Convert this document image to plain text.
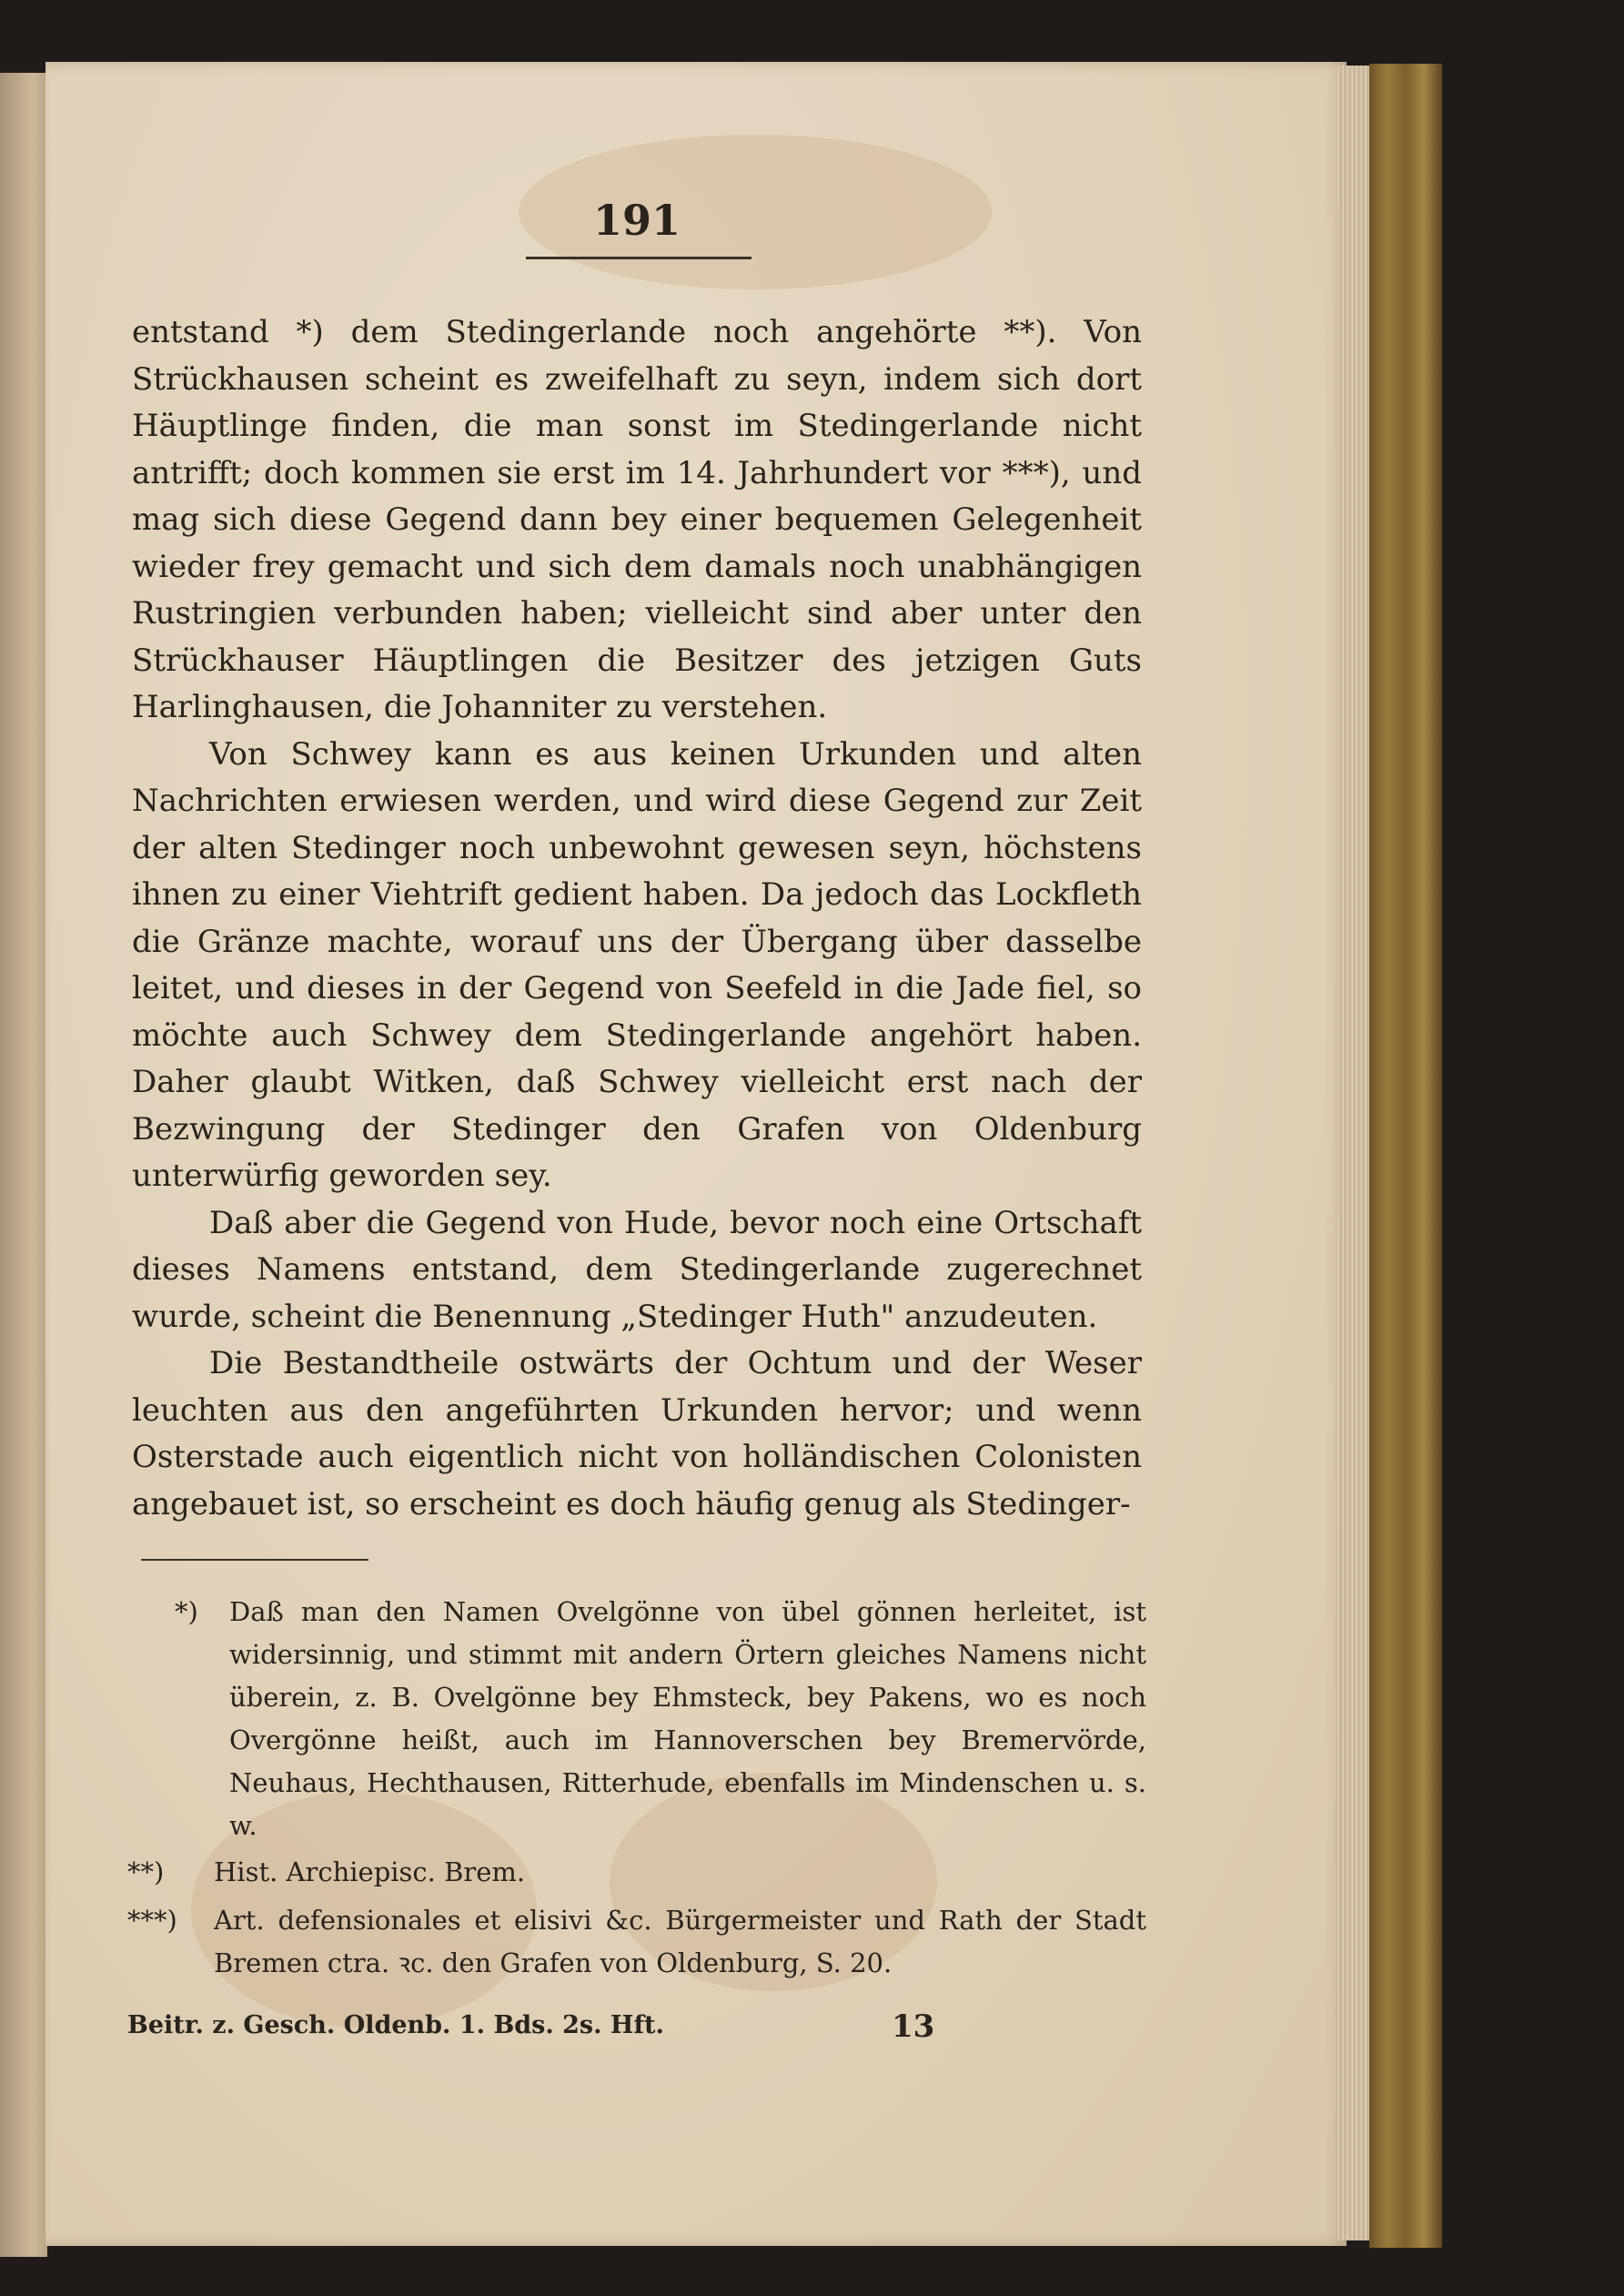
191

entstand *) dem Stedingerlande noch angehörte **). Von Strückhausen scheint es zweifelhaft zu seyn, indem sich dort Häuptlinge finden, die man sonst im Stedingerlande nicht antrifft; doch kommen sie erst im 14. Jahrhundert vor ***), und mag sich diese Gegend dann bey einer bequemen Gelegenheit wieder frey gemacht und sich dem damals noch unabhängigen Rustringien verbunden haben; vielleicht sind aber unter den Strückhauser Häuptlingen die Besitzer des jetzigen Guts Harlinghausen, die Johanniter zu verstehen.

Von Schwey kann es aus keinen Urkunden und alten Nachrichten erwiesen werden, und wird diese Gegend zur Zeit der alten Stedinger noch unbewohnt gewesen seyn, höchstens ihnen zu einer Viehtrift gedient haben. Da jedoch das Lockfleth die Gränze machte, worauf uns der Übergang über dasselbe leitet, und dieses in der Gegend von Seefeld in die Jade fiel, so möchte auch Schwey dem Stedingerlande angehört haben. Daher glaubt Witken, daß Schwey vielleicht erst nach der Bezwingung der Stedinger den Grafen von Oldenburg unterwürfig geworden sey.

Daß aber die Gegend von Hude, bevor noch eine Ortschaft dieses Namens entstand, dem Stedingerlande zugerechnet wurde, scheint die Benennung „Stedinger Huth" anzudeuten.

Die Bestandtheile ostwärts der Ochtum und der Weser leuchten aus den angeführten Urkunden hervor; und wenn Osterstade auch eigentlich nicht von holländischen Colonisten angebauet ist, so erscheint es doch häufig genug als Stedinger-

*)	Daß man den Namen Ovelgönne von übel gönnen herleitet, ist widersinnig, und stimmt mit andern Örtern gleiches Namens nicht überein, z. B. Ovelgönne bey Ehmsteck, bey Pakens, wo es noch Overgönne heißt, auch im Hannoverschen bey Bremervörde, Neuhaus, Hechthausen, Ritterhude, ebenfalls im Mindenschen u. s. w.
**)	Hist. Archiepisc. Brem.
***)	Art. defensionales et elisivi &c. Bürgermeister und Rath der Stadt Bremen ctra. ꝛc. den Grafen von Oldenburg, S. 20.
Beitr. z. Gesch. Oldenb. 1. Bds. 2s. Hft.	13
